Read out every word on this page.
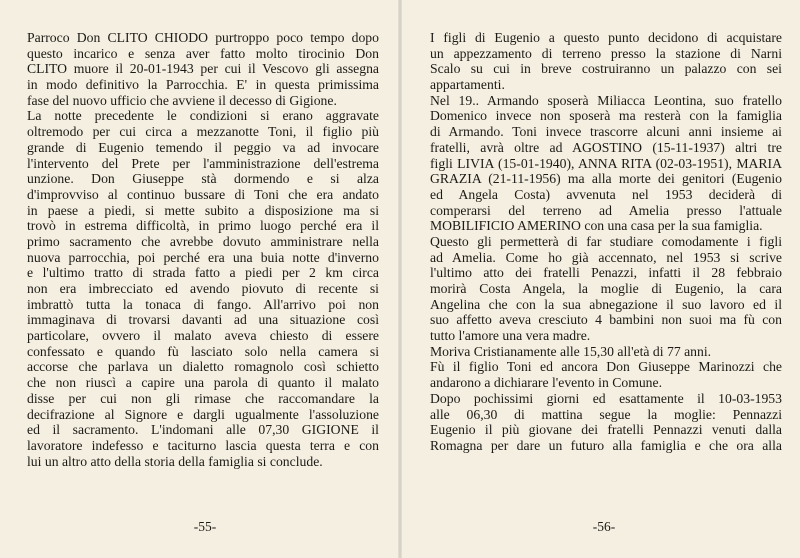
Parroco Don CLITO CHIODO purtroppo poco tempo dopo
questo incarico e senza aver fatto molto tirocinio Don
CLITO muore il 20-01-1943 per cui il Vescovo gli assegna
in modo definitivo la Parrocchia. E' in questa primissima
fase del nuovo ufficio che avviene il decesso di Gigione.
La notte precedente le condizioni si erano aggravate
oltremodo per cui circa a mezzanotte Toni, il figlio più
grande di Eugenio temendo il peggio va ad invocare
l'intervento del Prete per l'amministrazione dell'estrema
unzione. Don Giuseppe stà dormendo e si alza
d'improvviso al continuo bussare di Toni che era andato
in paese a piedi, si mette subito a disposizione ma si
trovò in estrema difficoltà, in primo luogo perché era il
primo sacramento che avrebbe dovuto amministrare nella
nuova parrocchia, poi perché era una buia notte d'inverno
e l'ultimo tratto di strada fatto a piedi per 2 km circa
non era imbrecciato ed avendo piovuto di recente si
imbrattò tutta la tonaca di fango. All'arrivo poi non
immaginava di trovarsi davanti ad una situazione così
particolare, ovvero il malato aveva chiesto di essere
confessato e quando fù lasciato solo nella camera si
accorse che parlava un dialetto romagnolo così schietto
che non riuscì a capire una parola di quanto il malato
disse per cui non gli rimase che raccomandare la
decifrazione al Signore e dargli ugualmente l'assoluzione
ed il sacramento. L'indomani alle 07,30 GIGIONE il
lavoratore indefesso e taciturno lascia questa terra e con
lui un altro atto della storia della famiglia si conclude.
-55-
I figli di Eugenio a questo punto decidono di acquistare
un appezzamento di terreno presso la stazione di Narni
Scalo su cui in breve costruiranno un palazzo con sei
appartamenti.
Nel 19.. Armando sposerà Miliacca Leontina, suo fratello
Domenico invece non sposerà ma resterà con la famiglia
di Armando. Toni invece trascorre alcuni anni insieme ai
fratelli, avrà oltre ad AGOSTINO (15-11-1937) altri tre
figli LIVIA (15-01-1940), ANNA RITA (02-03-1951), MARIA
GRAZIA (21-11-1956) ma alla morte dei genitori (Eugenio
ed Angela Costa) avvenuta nel 1953 deciderà di
comperarsi del terreno ad Amelia presso l'attuale
MOBILIFICIO AMERINO con una casa per la sua famiglia.
Questo gli permetterà di far studiare comodamente i figli
ad Amelia. Come ho già accennato, nel 1953 si scrive
l'ultimo atto dei fratelli Penazzi, infatti il 28 febbraio
morirà Costa Angela, la moglie di Eugenio, la cara
Angelina che con la sua abnegazione il suo lavoro ed il
suo affetto aveva cresciuto 4 bambini non suoi ma fù con
tutto l'amore una vera madre.
Moriva Cristianamente alle 15,30 all'età di 77 anni.
Fù il figlio Toni ed ancora Don Giuseppe Marinozzi che
andarono a dichiarare l'evento in Comune.
Dopo pochissimi giorni ed esattamente il 10-03-1953
alle 06,30 di mattina segue la moglie: Pennazzi
Eugenio il più giovane dei fratelli Pennazzi venuti dalla
Romagna per dare un futuro alla famiglia e che ora alla
-56-
